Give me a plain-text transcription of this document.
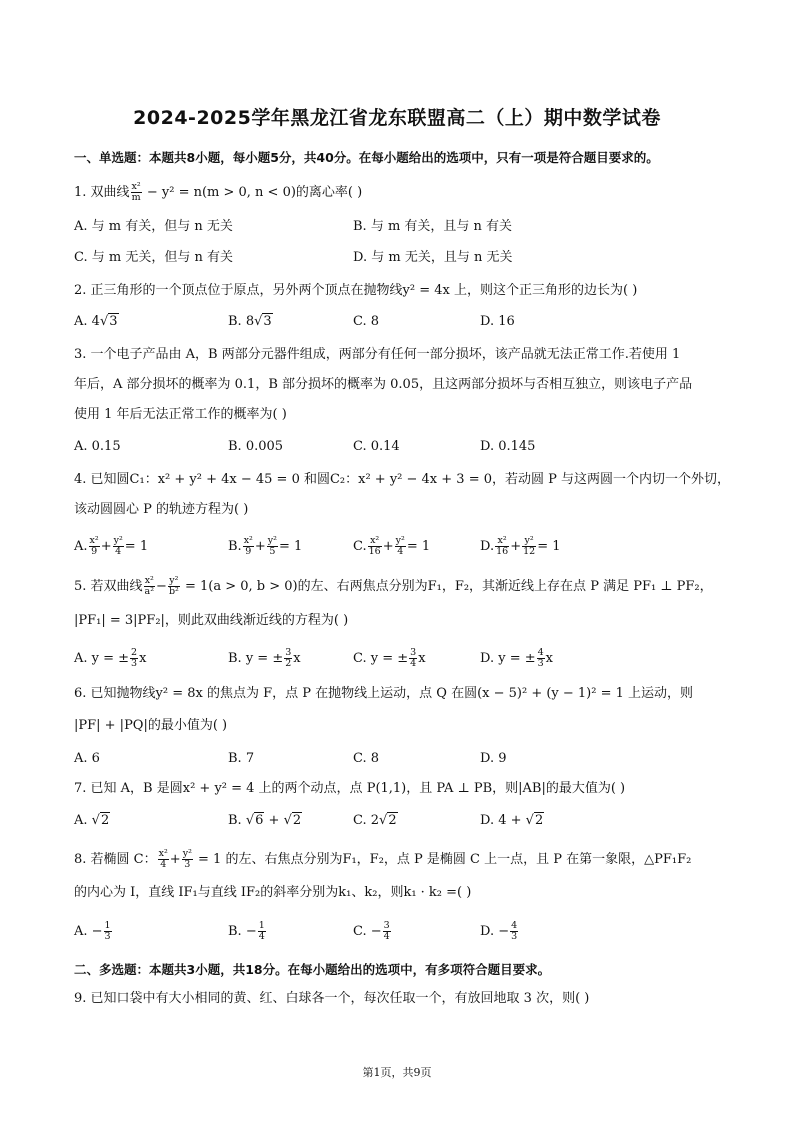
2024-2025学年黑龙江省龙东联盟高二（上）期中数学试卷
一、单选题：本题共8小题，每小题5分，共40分。在每小题给出的选项中，只有一项是符合题目要求的。
1. 双曲线 $\frac{\text{x²}}{m} - y^2 = n(m > 0$, n < 0)的离心率( )
A. 与 m 有关，但与 n 无关	B. 与 m 有关，且与 n 有关
C. 与 m 无关，但与 n 有关	D. 与 m 无关，且与 n 无关
2. 正三角形的一个顶点位于原点，另外两个顶点在抛物线y² = 4x 上，则这个正三角形的边长为( )
A. 4√3	B. 8√3	C. 8	D. 16
3. 一个电子产品由 A，B 两部分元器件组成，两部分有任何一部分损坏，该产品就无法正常工作.若使用 1
年后，A 部分损坏的概率为 0.1，B 部分损坏的概率为 0.05，且这两部分损坏与否相互独立，则该电子产品
使用 1 年后无法正常工作的概率为( )
A. 0.15	B. 0.005	C. 0.14	D. 0.145
4. 已知圆C₁：x² + y² + 4x − 45 = 0 和圆C₂：x² + y² − 4x + 3 = 0，若动圆 P 与这两圆一个内切一个外切，
该动圆圆心 P 的轨迹方程为( )
A. $\frac{\text{x²}}{9} + \frac{\text{y²}}{4} = 1$	B. $\frac{\text{x²}}{9} + \frac{\text{y²}}{5} = 1$	C. $\frac{\text{x²}}{16} + \frac{\text{y²}}{4} = 1$	D. $\frac{\text{x²}}{16} + \frac{\text{y²}}{12} = 1$
5. 若双曲线 $\frac{\text{x²}}{\text{a²}} - \frac{\text{y²}}{\text{b²}} = 1(a > 0$, b > 0)的左、右两焦点分别为F₁，F₂，其渐近线上存在点 P 满足 PF₁ ⊥ PF₂，
|PF₁| = 3|PF₂|，则此双曲线渐近线的方程为( )
A. y = ± $\frac{2}{3}$ x	B. y = ± $\frac{3}{2}$ x	C. y = ± $\frac{3}{4}$ x	D. y = ± $\frac{4}{3}$ x
6. 已知抛物线y² = 8x 的焦点为 F，点 P 在抛物线上运动，点 Q 在圆(x − 5)² + (y − 1)² = 1 上运动，则
|PF| + |PQ|的最小值为( )
A. 6	B. 7	C. 8	D. 9
7. 已知 A，B 是圆x² + y² = 4 上的两个动点，点 P(1,1)，且 PA ⊥ PB，则|AB|的最大值为( )
A. √2	B. √6 + √2	C. 2√2	D. 4 + √2
8. 若椭圆 C： $\frac{\text{x²}}{4} + \frac{\text{y²}}{3} = 1$ 的左、右焦点分别为F₁，F₂，点 P 是椭圆 C 上一点，且 P 在第一象限，△PF₁F₂
的内心为 I，直线 IF₁与直线 IF₂的斜率分别为k₁、k₂，则k₁ · k₂ =( )
A. − $\frac{1}{3}$	B. − $\frac{1}{4}$	C. − $\frac{3}{4}$	D. − $\frac{4}{3}$
二、多选题：本题共3小题，共18分。在每小题给出的选项中，有多项符合题目要求。
9. 已知口袋中有大小相同的黄、红、白球各一个，每次任取一个，有放回地取 3 次，则( )
第1页，共9页
